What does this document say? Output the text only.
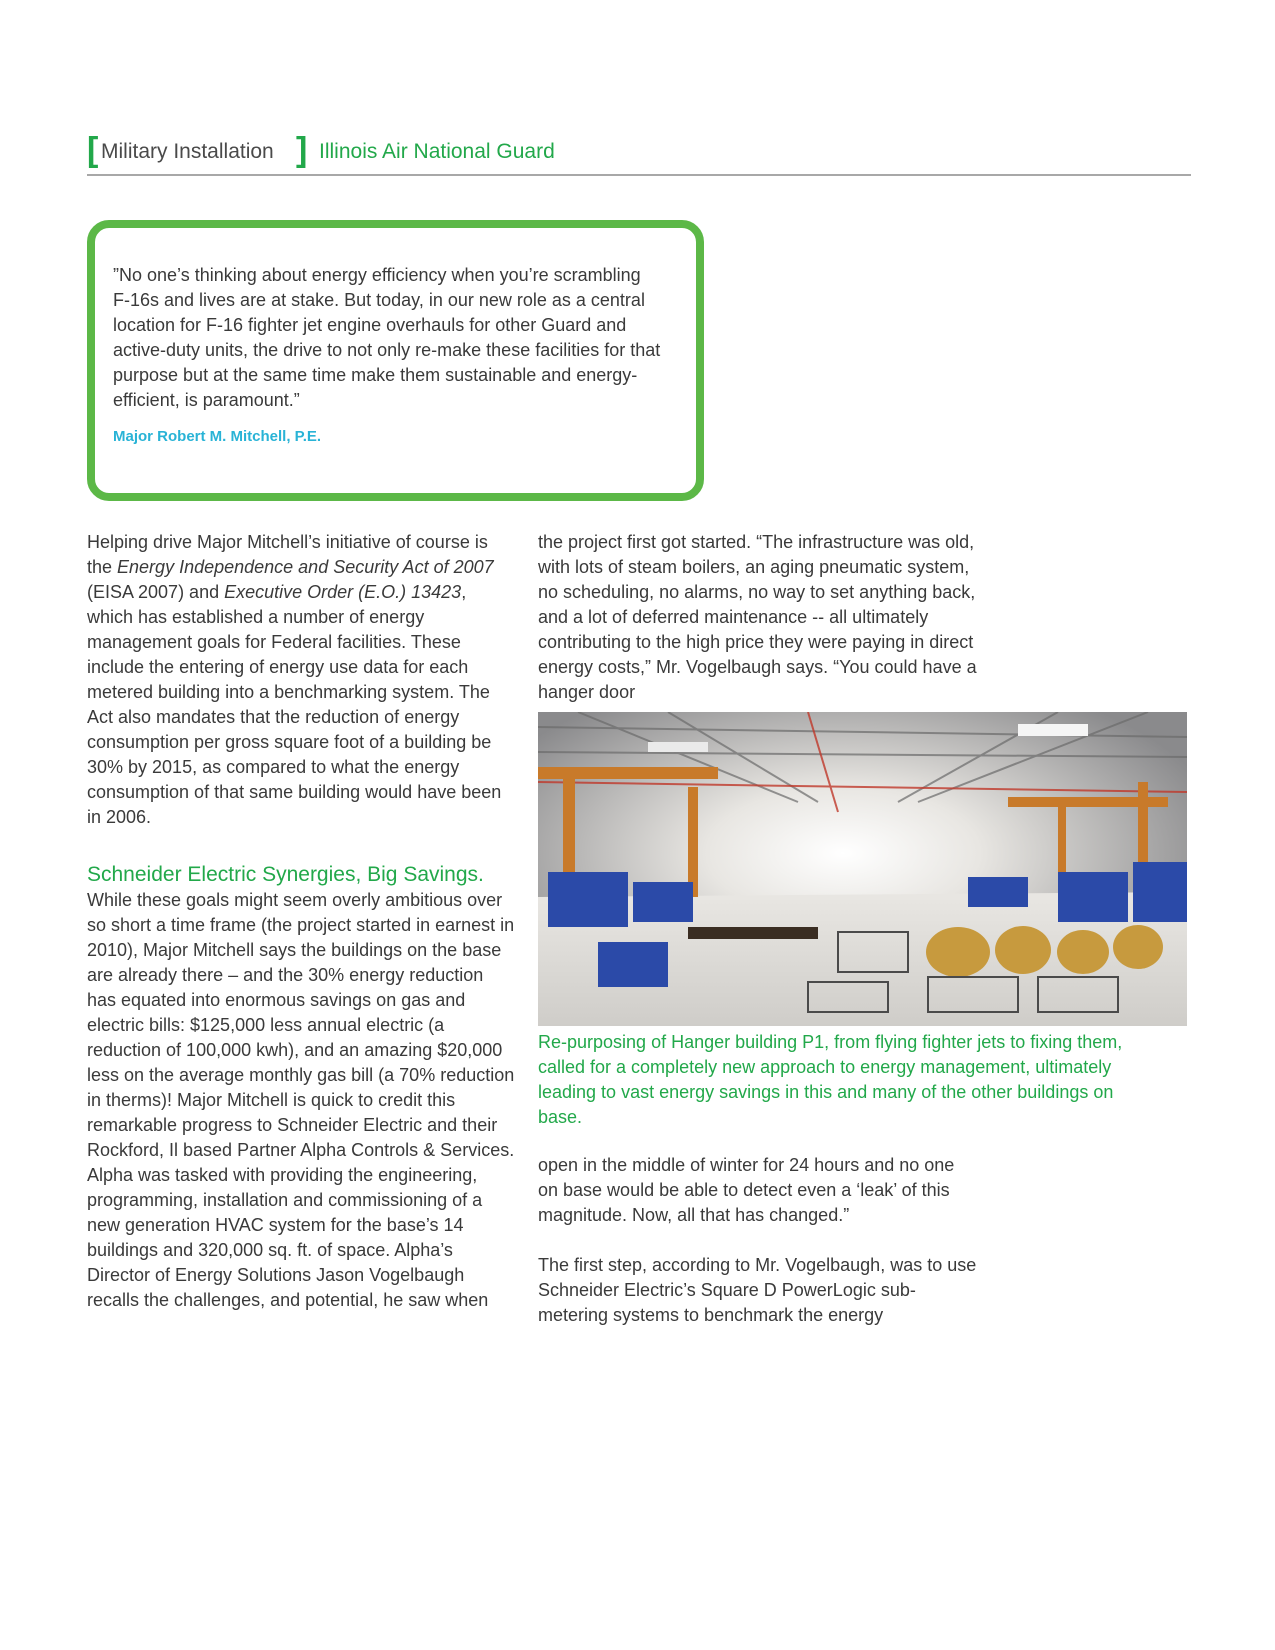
[ Military Installation ] Illinois Air National Guard
”No one’s thinking about energy efficiency when you’re scrambling
F-16s and lives are at stake. But today, in our new role as a central
location for F-16 fighter jet engine overhauls for other Guard and
active-duty units, the drive to not only re-make these facilities for that
purpose but at the same time make them sustainable and energy-
efficient, is paramount.”
Major Robert M. Mitchell, P.E.

Helping drive Major Mitchell’s initiative of course is the Energy Independence and Security Act of 2007 (EISA 2007) and Executive Order (E.O.) 13423, which has established a number of energy management goals for Federal facilities. These include the entering of energy use data for each metered building into a benchmarking system. The Act also mandates that the reduction of energy consumption per gross square foot of a building be 30% by 2015, as compared to what the energy consumption of that same building would have been in 2006.

Schneider Electric Synergies, Big Savings.

While these goals might seem overly ambitious over so short a time frame (the project started in earnest in 2010), Major Mitchell says the buildings on the base are already there – and the 30% energy reduction has equated into enormous savings on gas and electric bills: $125,000 less annual electric (a reduction of 100,000 kwh), and an amazing $20,000 less on the average monthly gas bill (a 70% reduction in therms)! Major Mitchell is quick to credit this remarkable progress to Schneider Electric and their Rockford, Il based Partner Alpha Controls & Services. Alpha was tasked with providing the engineering, programming, installation and commissioning of a new generation HVAC system for the base’s 14 buildings and 320,000 sq. ft. of space. Alpha’s Director of Energy Solutions Jason Vogelbaugh recalls the challenges, and potential, he saw when

the project first got started. “The infrastructure was old, with lots of steam boilers, an aging pneumatic system, no scheduling, no alarms, no way to set anything back, and a lot of deferred maintenance -- all ultimately contributing to the high price they were paying in direct energy costs,” Mr. Vogelbaugh says. “You could have a hanger door

Re-purposing of Hanger building P1, from flying fighter jets to fixing them, called for a completely new approach to energy management, ultimately leading to vast energy savings in this and many of the other buildings on base.

open in the middle of winter for 24 hours and no one on base would be able to detect even a ‘leak’ of this magnitude. Now, all that has changed.”

The first step, according to Mr. Vogelbaugh, was to use Schneider Electric’s Square D PowerLogic sub-metering systems to benchmark the energy
